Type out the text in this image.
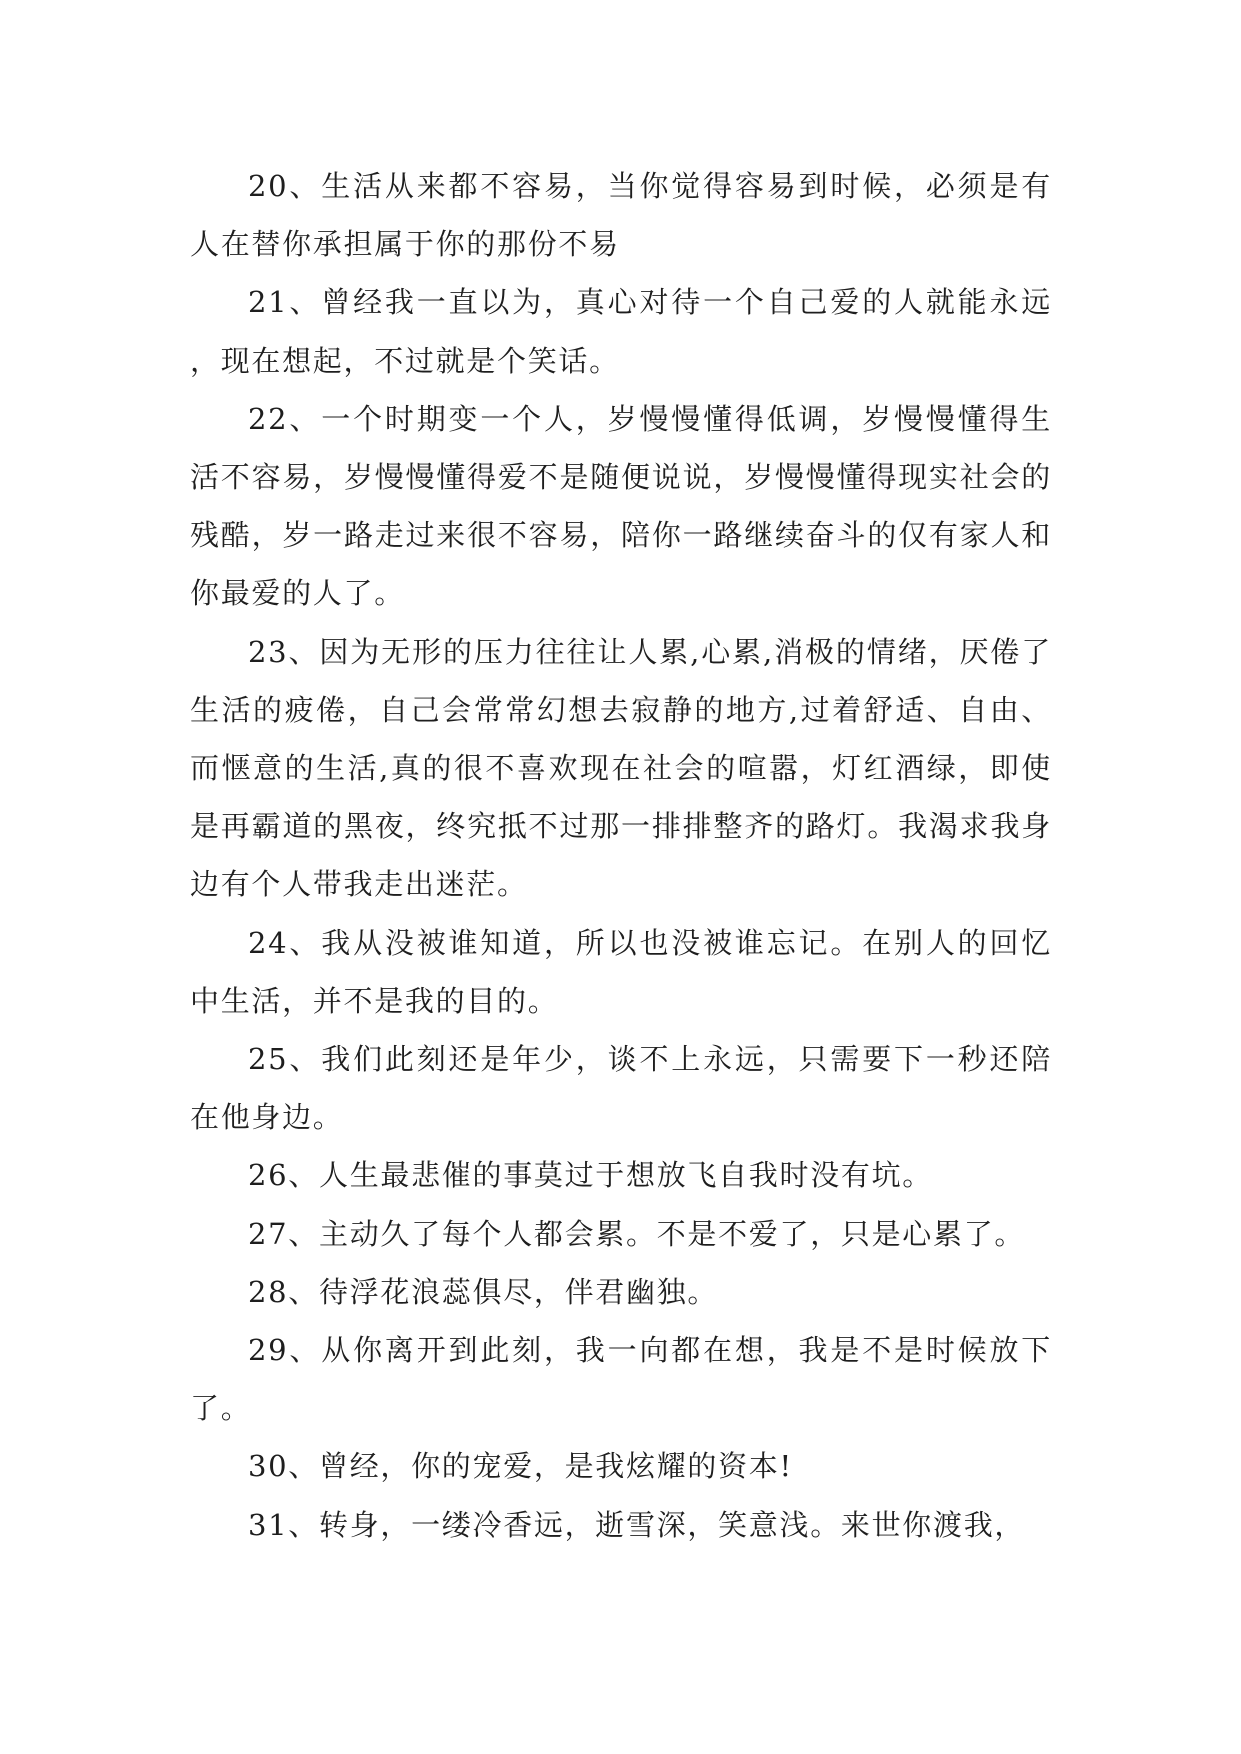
20、生活从来都不容易，当你觉得容易到时候，必须是有人在替你承担属于你的那份不易

21、曾经我一直以为，真心对待一个自己爱的人就能永远，现在想起，不过就是个笑话。

22、一个时期变一个人，岁慢慢懂得低调，岁慢慢懂得生活不容易，岁慢慢懂得爱不是随便说说，岁慢慢懂得现实社会的残酷，岁一路走过来很不容易，陪你一路继续奋斗的仅有家人和你最爱的人了。

23、因为无形的压力往往让人累,心累,消极的情绪，厌倦了生活的疲倦，自己会常常幻想去寂静的地方,过着舒适、自由、而惬意的生活,真的很不喜欢现在社会的喧嚣，灯红酒绿，即使是再霸道的黑夜，终究抵不过那一排排整齐的路灯。我渴求我身边有个人带我走出迷茫。

24、我从没被谁知道，所以也没被谁忘记。在别人的回忆中生活，并不是我的目的。

25、我们此刻还是年少，谈不上永远，只需要下一秒还陪在他身边。

26、人生最悲催的事莫过于想放飞自我时没有坑。

27、主动久了每个人都会累。不是不爱了，只是心累了。

28、待浮花浪蕊俱尽，伴君幽独。

29、从你离开到此刻，我一向都在想，我是不是时候放下了。

30、曾经，你的宠爱，是我炫耀的资本!

31、转身，一缕冷香远，逝雪深，笑意浅。来世你渡我，
